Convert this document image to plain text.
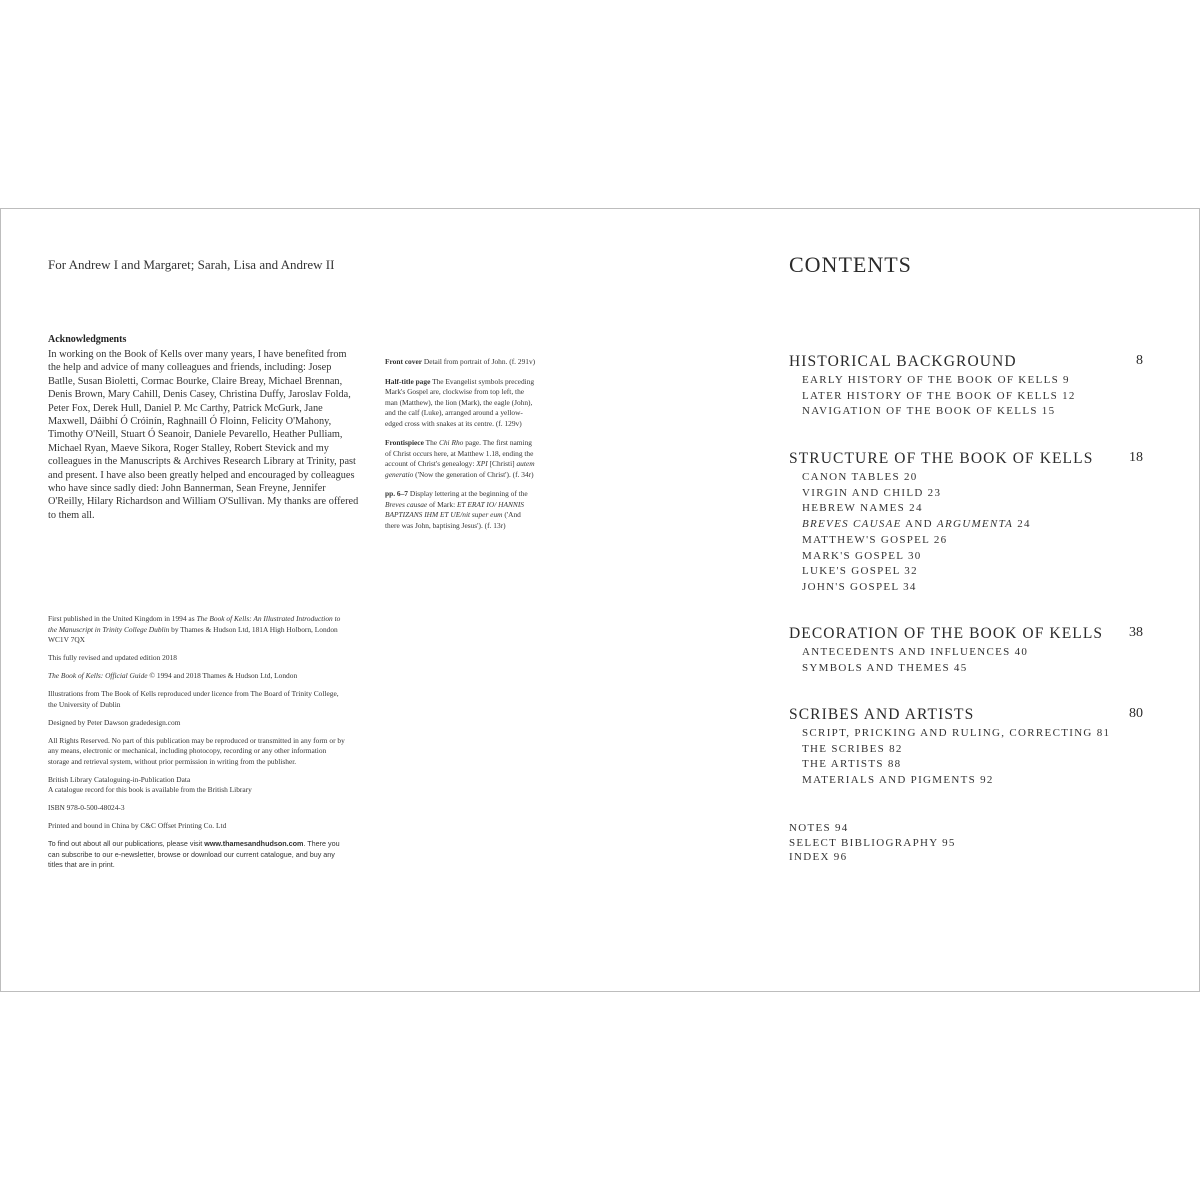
For Andrew I and Margaret; Sarah, Lisa and Andrew II
Acknowledgments
In working on the Book of Kells over many years, I have benefited from the help and advice of many colleagues and friends, including: Josep Batlle, Susan Bioletti, Cormac Bourke, Claire Breay, Michael Brennan, Denis Brown, Mary Cahill, Denis Casey, Christina Duffy, Jaroslav Folda, Peter Fox, Derek Hull, Daniel P. Mc Carthy, Patrick McGurk, Jane Maxwell, Dáibhí Ó Cróinín, Raghnaill Ó Floinn, Felicity O'Mahony, Timothy O'Neill, Stuart Ó Seanoir, Daniele Pevarello, Heather Pulliam, Michael Ryan, Maeve Sikora, Roger Stalley, Robert Stevick and my colleagues in the Manuscripts & Archives Research Library at Trinity, past and present. I have also been greatly helped and encouraged by colleagues who have since sadly died: John Bannerman, Sean Freyne, Jennifer O'Reilly, Hilary Richardson and William O'Sullivan. My thanks are offered to them all.

Front cover Detail from portrait of John. (f. 291v)

Half-title page The Evangelist symbols preceding Mark's Gospel are, clockwise from top left, the man (Matthew), the lion (Mark), the eagle (John), and the calf (Luke), arranged around a yellow-edged cross with snakes at its centre. (f. 129v)

Frontispiece The Chi Rho page. The first naming of Christ occurs here, at Matthew 1.18, ending the account of Christ's genealogy: XPI [Christi] autem generatio ('Now the generation of Christ'). (f. 34r)

pp. 6–7 Display lettering at the beginning of the Breves causae of Mark: ET ERAT IO/ HANNIS BAPTIZANS IHM ET UE/nit super eum ('And there was John, baptising Jesus'). (f. 13r)

First published in the United Kingdom in 1994 as The Book of Kells: An Illustrated Introduction to the Manuscript in Trinity College Dublin by Thames & Hudson Ltd, 181A High Holborn, London WC1V 7QX

This fully revised and updated edition 2018

The Book of Kells: Official Guide © 1994 and 2018 Thames & Hudson Ltd, London

Illustrations from The Book of Kells reproduced under licence from The Board of Trinity College, the University of Dublin

Designed by Peter Dawson gradedesign.com

All Rights Reserved. No part of this publication may be reproduced or transmitted in any form or by any means, electronic or mechanical, including photocopy, recording or any other information storage and retrieval system, without prior permission in writing from the publisher.

British Library Cataloguing-in-Publication Data
A catalogue record for this book is available from the British Library

ISBN 978-0-500-48024-3

Printed and bound in China by C&C Offset Printing Co. Ltd

To find out about all our publications, please visit www.thamesandhudson.com. There you can subscribe to our e-newsletter, browse or download our current catalogue, and buy any titles that are in print.

CONTENTS
HISTORICAL BACKGROUND	8
EARLY HISTORY OF THE BOOK OF KELLS 9
LATER HISTORY OF THE BOOK OF KELLS 12
NAVIGATION OF THE BOOK OF KELLS 15
STRUCTURE OF THE BOOK OF KELLS	18
CANON TABLES 20
VIRGIN AND CHILD 23
HEBREW NAMES 24
BREVES CAUSAE AND ARGUMENTA 24
MATTHEW'S GOSPEL 26
MARK'S GOSPEL 30
LUKE'S GOSPEL 32
JOHN'S GOSPEL 34
DECORATION OF THE BOOK OF KELLS 38
ANTECEDENTS AND INFLUENCES 40
SYMBOLS AND THEMES 45
SCRIBES AND ARTISTS	80
SCRIPT, PRICKING AND RULING, CORRECTING 81
THE SCRIBES 82
THE ARTISTS 88
MATERIALS AND PIGMENTS 92
NOTES 94
SELECT BIBLIOGRAPHY 95
INDEX 96
